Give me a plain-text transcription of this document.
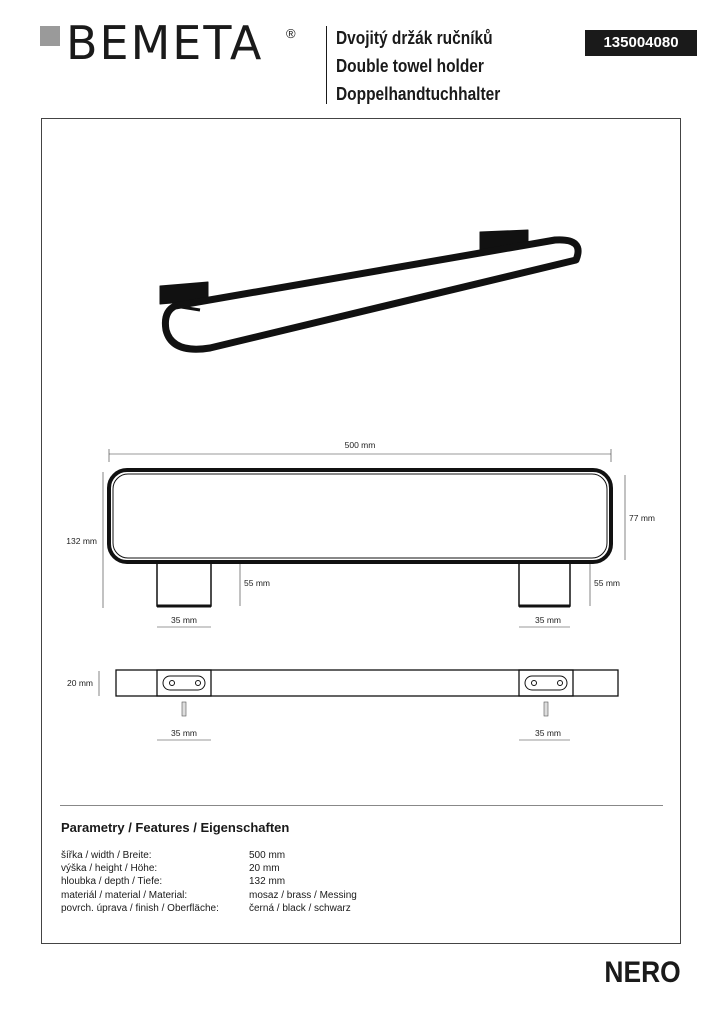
BEMETA ® Dvojitý držák ručníků
Double towel holder
Doppelhandtuchhalter
135004080
500 mm
132 mm
77 mm
55 mm	55 mm
35 mm	35 mm
20 mm
35 mm	35 mm
Parametry / Features / Eigenschaften
šířka / width / Breite:	500 mm
výška / height / Höhe:	20 mm
hloubka / depth / Tiefe:	132 mm
materiál / material / Material:	mosaz / brass / Messing
povrch. úprava / finish / Oberfläche:	černá / black / schwarz
NERO
